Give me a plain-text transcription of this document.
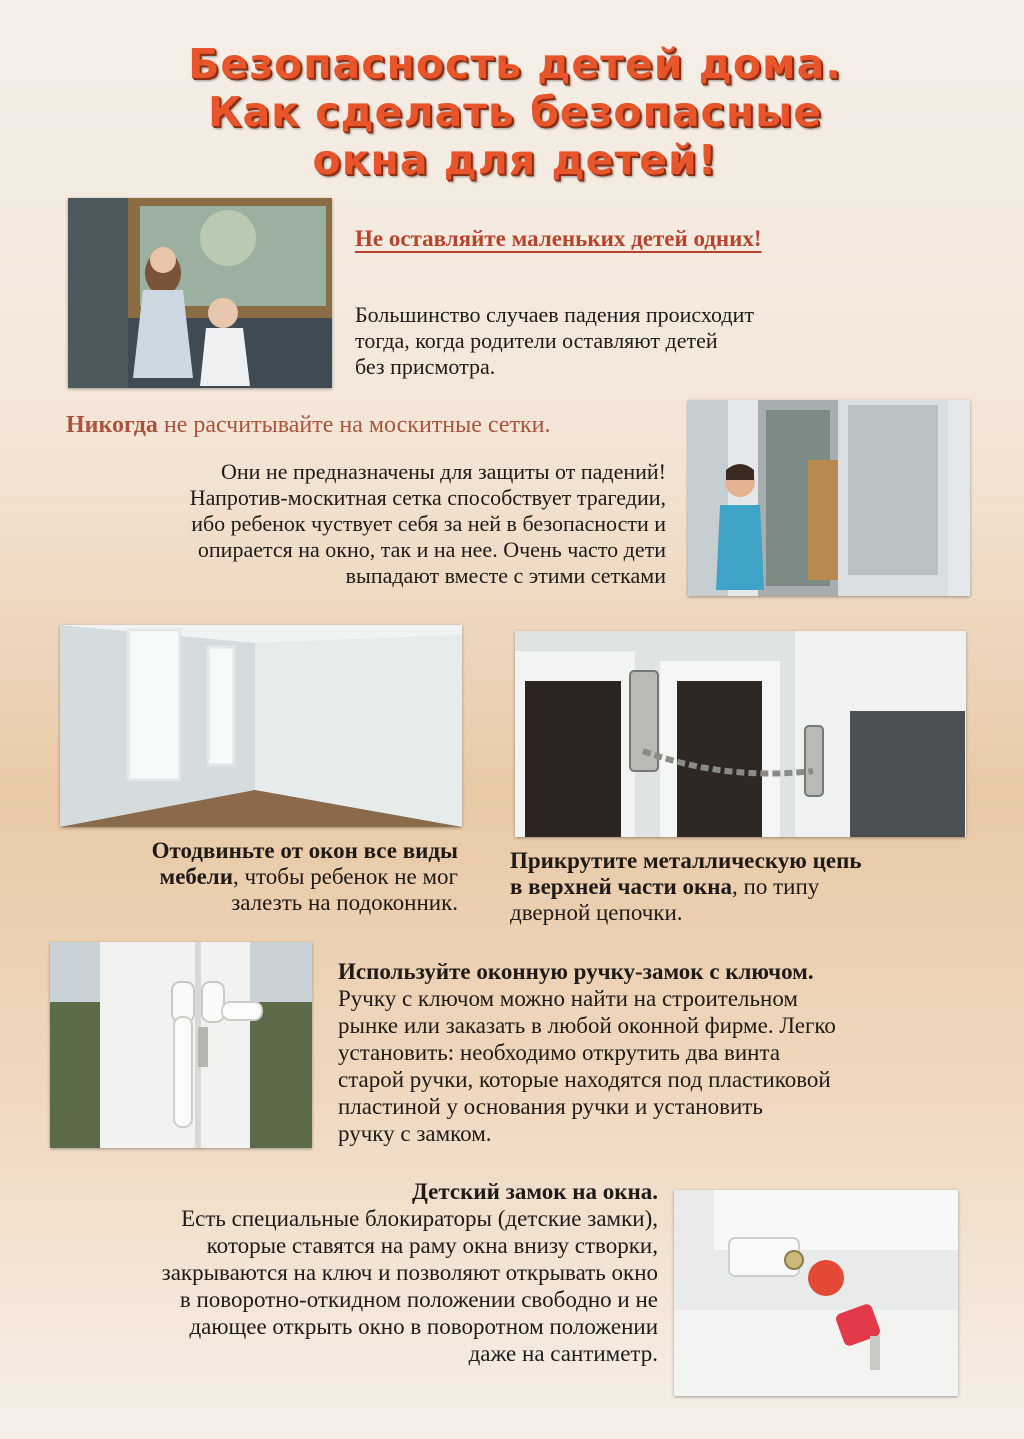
Безопасность детей дома.
Как сделать безопасные
окна для детей!
Не оставляйте маленьких детей одних!
Большинство случаев падения происходит
тогда, когда родители оставляют детей
без присмотра.
Никогда не расчитывайте на москитные сетки.
Они не предназначены для защиты от падений!
Напротив-москитная сетка способствует трагедии,
ибо ребенок чуствует себя за ней в безопасности и
опирается на окно, так и на нее. Очень часто дети
выпадают вместе с этими сетками
Отодвиньте от окон все виды
мебели, чтобы ребенок не мог
залезть на подоконник.
Прикрутите металлическую цепь
в верхней части окна, по типу
дверной цепочки.
Используйте оконную ручку-замок с ключом.
Ручку с ключом можно найти на строительном
рынке или заказать в любой оконной фирме. Легко
установить: необходимо открутить два винта
старой ручки, которые находятся под пластиковой
пластиной у основания ручки и установить
ручку с замком.
Детский замок на окна.
Есть специальные блокираторы (детские замки),
которые ставятся на раму окна внизу створки,
закрываются на ключ и позволяют открывать окно
в поворотно-откидном положении свободно и не
дающее открыть окно в поворотном положении
даже на сантиметр.
